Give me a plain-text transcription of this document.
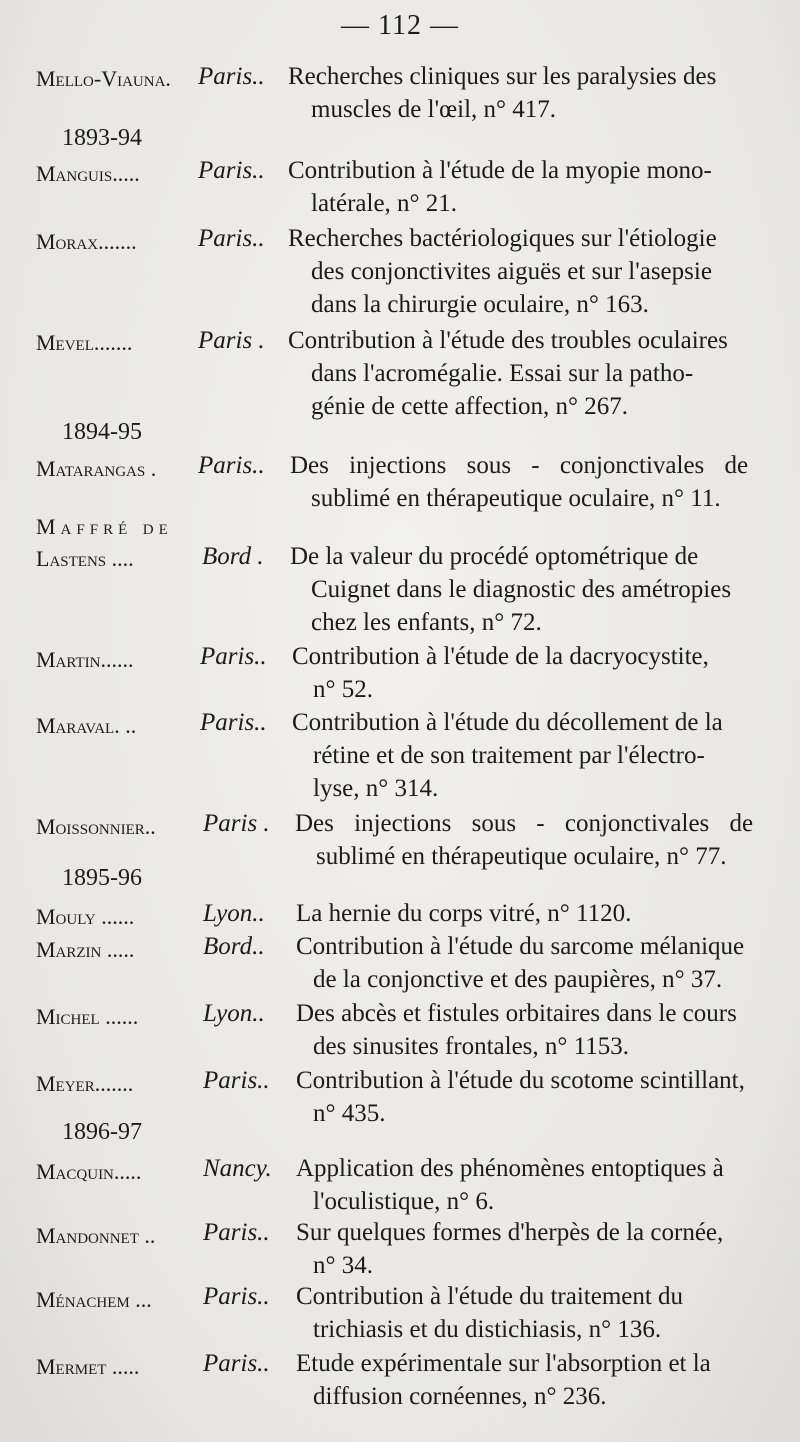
— 112 —
Mello-Viauna. Paris.. Recherches cliniques sur les paralysies des
muscles de l'œil, n° 417.
1893-94
Manguis..... Paris.. Contribution à l'étude de la myopie mono-
latérale, n° 21.
Morax....... Paris.. Recherches bactériologiques sur l'étiologie
des conjonctivites aiguës et sur l'asepsie
dans la chirurgie oculaire, n° 163.
Mevel.......	Paris . Contribution à l'étude des troubles oculaires
dans l'acromégalie. Essai sur la patho-
génie de cette affection, n° 267.
1894-95
Matarangas . Paris.. Des injections sous - conjonctivales de
sublimé en thérapeutique oculaire, n° 11.
Maffré de
Lastens ....	Bord . De la valeur du procédé optométrique de
Cuignet dans le diagnostic des amétropies
chez les enfants, n° 72.
Martin......	Paris.. Contribution à l'étude de la dacryocystite,
n° 52.
Maraval. ..	Paris.. Contribution à l'étude du décollement de la
rétine et de son traitement par l'électro-
lyse, n° 314.
Moissonnier.. Paris . Des injections sous - conjonctivales de
sublimé en thérapeutique oculaire, n° 77.
1895-96
Mouly ......	Lyon.. La hernie du corps vitré, n° 1120.
Marzin .....	Bord.. Contribution à l'étude du sarcome mélanique
de la conjonctive et des paupières, n° 37.
Michel ......	Lyon.. Des abcès et fistules orbitaires dans le cours
des sinusites frontales, n° 1153.
Meyer.......	Paris.. Contribution à l'étude du scotome scintillant,
n° 435.
1896-97
Macquin..... Nancy. Application des phénomènes entoptiques à
l'oculistique, n° 6.
Mandonnet .. Paris.. Sur quelques formes d'herpès de la cornée,
n° 34.
Ménachem ... Paris.. Contribution à l'étude du traitement du
trichiasis et du distichiasis, n° 136.
Mermet .....	Paris.. Etude expérimentale sur l'absorption et la
diffusion cornéennes, n° 236.
